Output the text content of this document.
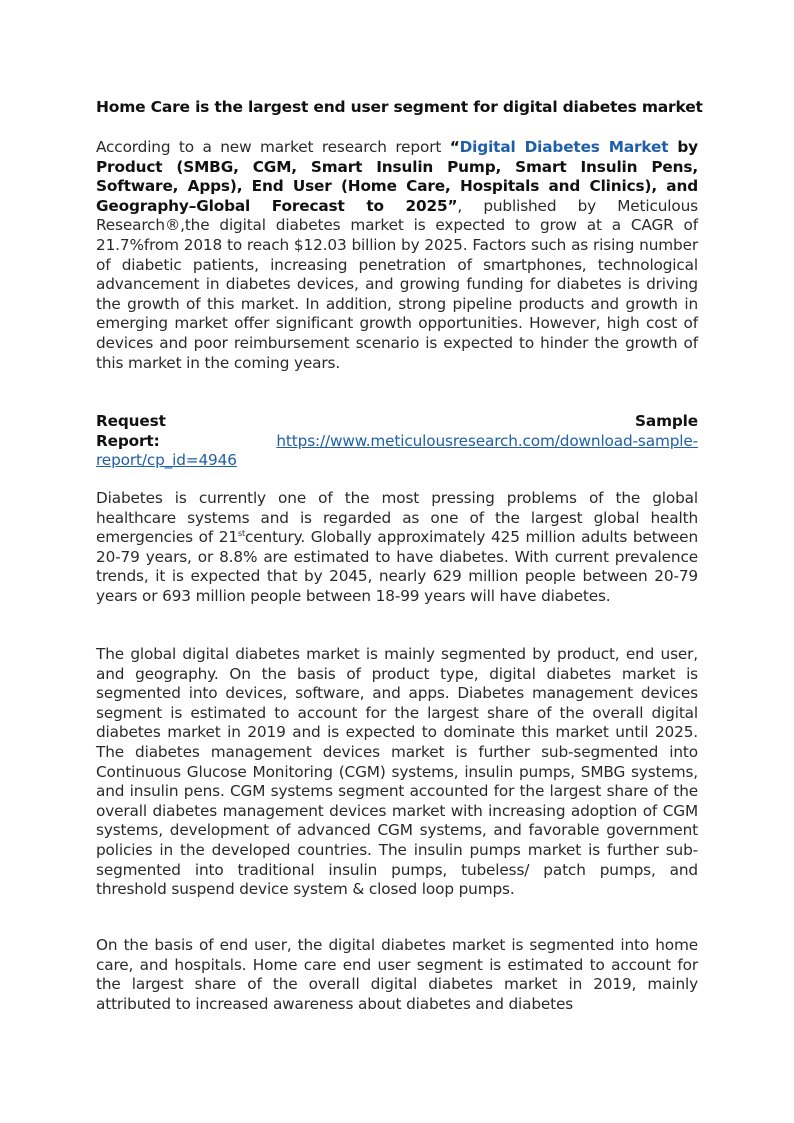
Home Care is the largest end user segment for digital diabetes market

According to a new market research report “Digital Diabetes Market by Product (SMBG, CGM, Smart Insulin Pump, Smart Insulin Pens, Software, Apps), End User (Home Care, Hospitals and Clinics), and Geography–Global Forecast to 2025”, published by Meticulous Research®,the digital diabetes market is expected to grow at a CAGR of 21.7%from 2018 to reach $12.03 billion by 2025. Factors such as rising number of diabetic patients, increasing penetration of smartphones, technological advancement in diabetes devices, and growing funding for diabetes is driving the growth of this market. In addition, strong pipeline products and growth in emerging market offer significant growth opportunities. However, high cost of devices and poor reimbursement scenario is expected to hinder the growth of this market in the coming years.

Request	Sample
Report:	https://www.meticulousresearch.com/download-sample-report/cp_id=4946

Diabetes is currently one of the most pressing problems of the global healthcare systems and is regarded as one of the largest global health emergencies of 21stcentury. Globally approximately 425 million adults between 20-79 years, or 8.8% are estimated to have diabetes. With current prevalence trends, it is expected that by 2045, nearly 629 million people between 20-79 years or 693 million people between 18-99 years will have diabetes.

The global digital diabetes market is mainly segmented by product, end user, and geography. On the basis of product type, digital diabetes market is segmented into devices, software, and apps. Diabetes management devices segment is estimated to account for the largest share of the overall digital diabetes market in 2019 and is expected to dominate this market until 2025. The diabetes management devices market is further sub-segmented into Continuous Glucose Monitoring (CGM) systems, insulin pumps, SMBG systems, and insulin pens. CGM systems segment accounted for the largest share of the overall diabetes management devices market with increasing adoption of CGM systems, development of advanced CGM systems, and favorable government policies in the developed countries. The insulin pumps market is further sub-segmented into traditional insulin pumps, tubeless/ patch pumps, and threshold suspend device system & closed loop pumps.

On the basis of end user, the digital diabetes market is segmented into home care, and hospitals. Home care end user segment is estimated to account for the largest share of the overall digital diabetes market in 2019, mainly attributed to increased awareness about diabetes and diabetes
